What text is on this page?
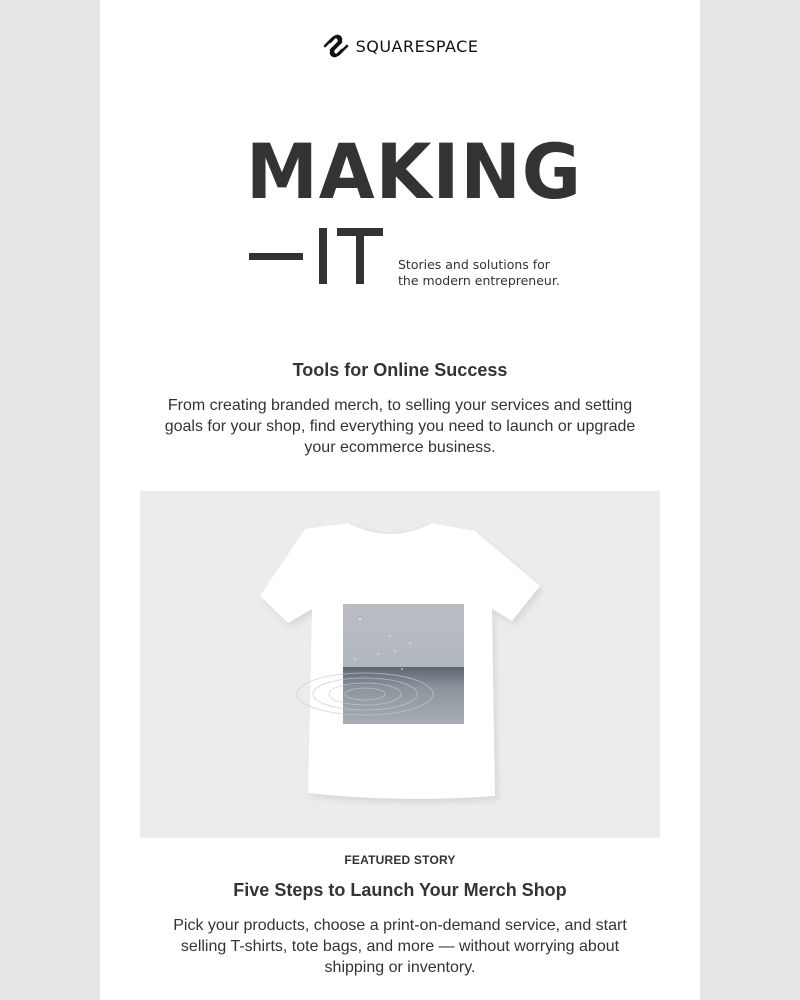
SQUARESPACE
MAKING
Stories and solutions for
the modern entrepreneur.
Tools for Online Success
From creating branded merch, to selling your services and setting goals for your shop, find everything you need to launch or upgrade your ecommerce business.
FEATURED STORY
Five Steps to Launch Your Merch Shop
Pick your products, choose a print-on-demand service, and start selling T-shirts, tote bags, and more — without worrying about shipping or inventory.
